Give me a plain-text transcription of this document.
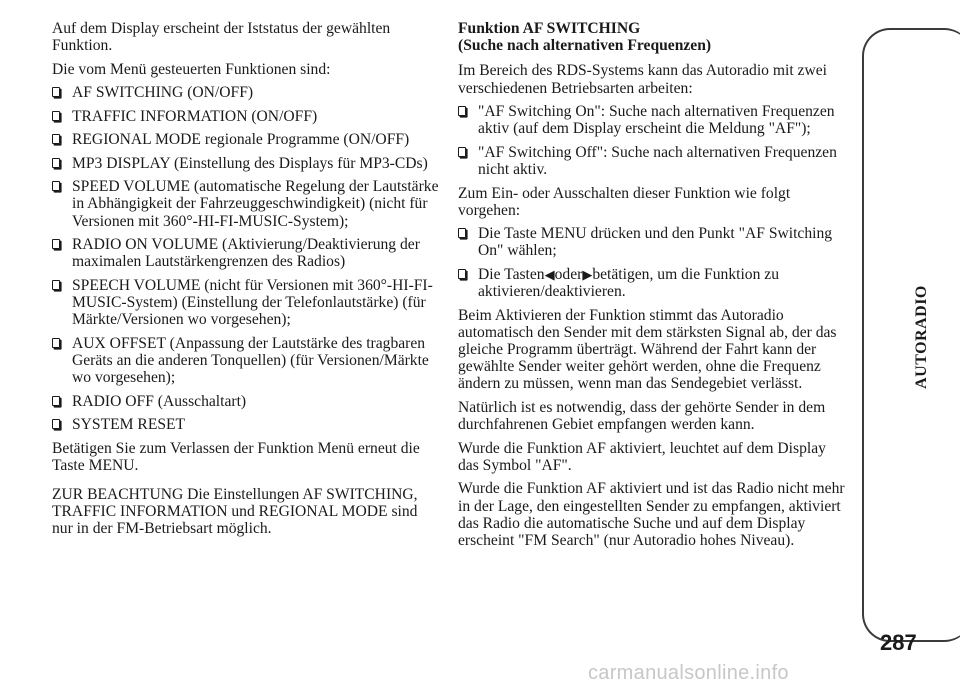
Auf dem Display erscheint der Iststatus der gewählten Funktion.

Die vom Menü gesteuerten Funktionen sind:

AF SWITCHING (ON/OFF)
TRAFFIC INFORMATION (ON/OFF)
REGIONAL MODE regionale Programme (ON/OFF)
MP3 DISPLAY (Einstellung des Displays für MP3-CDs)
SPEED VOLUME (automatische Regelung der Lautstärke in Abhängigkeit der Fahrzeuggeschwindigkeit) (nicht für Versionen mit 360°-HI-FI-MUSIC-System);
RADIO ON VOLUME (Aktivierung/Deaktivierung der maximalen Lautstärkengrenzen des Radios)
SPEECH VOLUME (nicht für Versionen mit 360°-HI-FI-MUSIC-System) (Einstellung der Telefonlautstärke) (für Märkte/Versionen wo vorgesehen);
AUX OFFSET (Anpassung der Lautstärke des tragbaren Geräts an die anderen Tonquellen) (für Versionen/Märkte wo vorgesehen);
RADIO OFF (Ausschaltart)
SYSTEM RESET

Betätigen Sie zum Verlassen der Funktion Menü erneut die Taste MENU.

ZUR BEACHTUNG Die Einstellungen AF SWITCHING, TRAFFIC INFORMATION und REGIONAL MODE sind nur in der FM-Betriebsart möglich.

Funktion AF SWITCHING
(Suche nach alternativen Frequenzen)

Im Bereich des RDS-Systems kann das Autoradio mit zwei verschiedenen Betriebsarten arbeiten:

"AF Switching On": Suche nach alternativen Frequenzen aktiv (auf dem Display erscheint die Meldung "AF");
"AF Switching Off": Suche nach alternativen Frequenzen nicht aktiv.

Zum Ein- oder Ausschalten dieser Funktion wie folgt vorgehen:

Die Taste MENU drücken und den Punkt "AF Switching On" wählen;
Die Tasten◀oder▶betätigen, um die Funktion zu aktivieren/deaktivieren.

Beim Aktivieren der Funktion stimmt das Autoradio automatisch den Sender mit dem stärksten Signal ab, der das gleiche Programm überträgt. Während der Fahrt kann der gewählte Sender weiter gehört werden, ohne die Frequenz ändern zu müssen, wenn man das Sendegebiet verlässt.

Natürlich ist es notwendig, dass der gehörte Sender in dem durchfahrenen Gebiet empfangen werden kann.

Wurde die Funktion AF aktiviert, leuchtet auf dem Display das Symbol "AF".

Wurde die Funktion AF aktiviert und ist das Radio nicht mehr in der Lage, den eingestellten Sender zu empfangen, aktiviert das Radio die automatische Suche und auf dem Display erscheint "FM Search" (nur Autoradio hohes Niveau).

AUTORADIO
287
carmanualsonline.info
